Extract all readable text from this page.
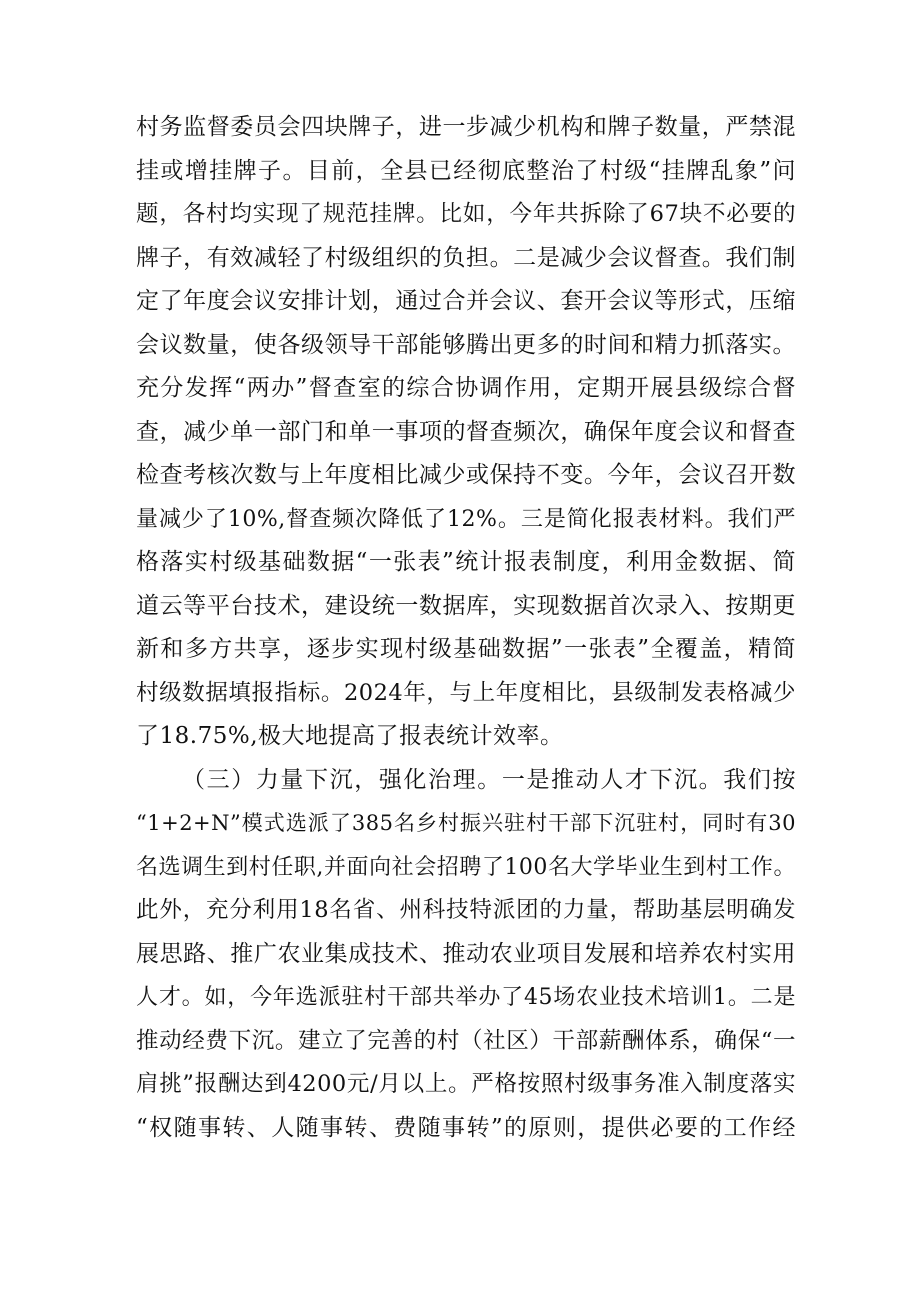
村务监督委员会四块牌子，进一步减少机构和牌子数量，严禁混
挂或增挂牌子。目前，全县已经彻底整治了村级“挂牌乱象”问
题，各村均实现了规范挂牌。比如，今年共拆除了67块不必要的
牌子，有效减轻了村级组织的负担。二是减少会议督查。我们制
定了年度会议安排计划，通过合并会议、套开会议等形式，压缩
会议数量，使各级领导干部能够腾出更多的时间和精力抓落实。
充分发挥“两办”督查室的综合协调作用，定期开展县级综合督
查，减少单一部门和单一事项的督查频次，确保年度会议和督查
检查考核次数与上年度相比减少或保持不变。今年，会议召开数
量减少了10%,督查频次降低了12%。三是简化报表材料。我们严
格落实村级基础数据“一张表”统计报表制度，利用金数据、简
道云等平台技术，建设统一数据库，实现数据首次录入、按期更
新和多方共享，逐步实现村级基础数据”一张表”全覆盖，精简
村级数据填报指标。2024年，与上年度相比，县级制发表格减少
了18.75%,极大地提高了报表统计效率。
（三）力量下沉，强化治理。一是推动人才下沉。我们按
“1+2+N”模式选派了385名乡村振兴驻村干部下沉驻村，同时有30
名选调生到村任职,并面向社会招聘了100名大学毕业生到村工作。
此外，充分利用18名省、州科技特派团的力量，帮助基层明确发
展思路、推广农业集成技术、推动农业项目发展和培养农村实用
人才。如，今年选派驻村干部共举办了45场农业技术培训1。二是
推动经费下沉。建立了完善的村（社区）干部薪酬体系，确保“一
肩挑”报酬达到4200元/月以上。严格按照村级事务准入制度落实
“权随事转、人随事转、费随事转”的原则，提供必要的工作经
